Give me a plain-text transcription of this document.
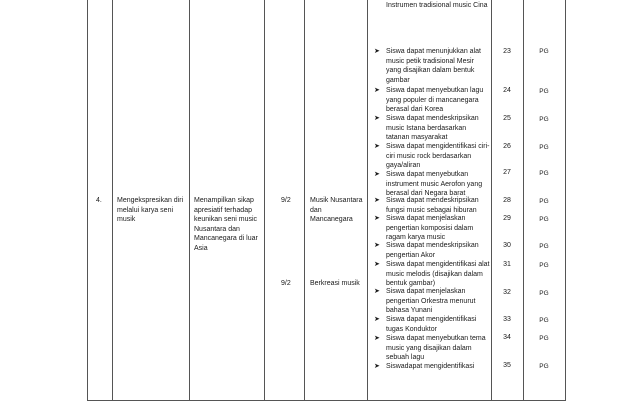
4. Mengekspresikan diri melalui karya seni musik
Menampilkan sikap apresiatif terhadap keunikan seni music Nusantara dan Mancanegara di luar Asia
9/2	Musik Nusantara dan Mancanegara
9/2	Berkreasi musik
Instrumen tradisional music Cina
➤ Siswa dapat menunjukkan alat music petik tradisional Mesir yang disajikan dalam bentuk gambar
➤ Siswa dapat menyebutkan lagu yang populer di mancanegara berasal dari Korea
➤ Siswa dapat mendeskripsikan music Istana berdasarkan tatanan masyarakat
➤ Siswa dapat mengidentifikasi ciri-ciri music rock berdasarkan gaya/aliran
➤ Siswa dapat menyebutkan instrument music Aerofon yang berasal dari Negara barat
➤ Siswa dapat mendeskripsikan fungsi music sebagai hiburan
➤ Siswa dapat menjelaskan pengertian komposisi dalam ragam karya music
➤ Siswa dapat mendeskripsikan pengertian Akor
➤ Siswa dapat mengidentifikasi alat music melodis (disajikan dalam bentuk gambar)
➤ Siswa dapat menjelaskan pengertian Orkestra menurut bahasa Yunani
➤ Siswa dapat mengidentifikasi tugas Konduktor
➤ Siswa dapat menyebutkan tema music yang disajikan dalam sebuah lagu
➤ Siswadapat mengidentifikasi
23
24
25
26
27
28
29
30
31
32
33
34
35
PG
PG
PG
PG
PG
PG
PG
PG
PG
PG
PG
PG
PG
